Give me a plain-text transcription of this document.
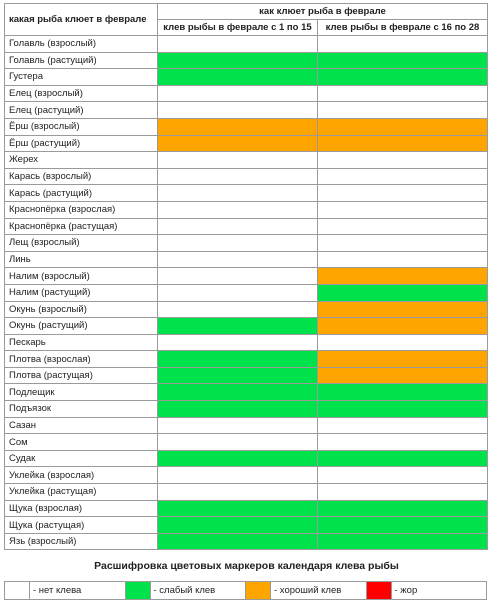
какая рыба клюет в феврале	как клюет рыба в феврале	
	клев рыбы в феврале с 1 по 15	клев рыбы в феврале с 16 по 28
Голавль (взрослый)		
Голавль (растущий)		
Густера		
Елец (взрослый)		
Елец (растущий)		
Ёрш (взрослый)		
Ёрш (растущий)		
Жерех		
Карась (взрослый)		
Карась (растущий)		
Краснопёрка (взрослая)		
Краснопёрка (растущая)		
Лещ (взрослый)		
Линь		
Налим (взрослый)		
Налим (растущий)		
Окунь (взрослый)		
Окунь (растущий)		
Пескарь		
Плотва (взрослая)		
Плотва (растущая)		
Подлещик		
Подъязок		
Сазан		
Сом		
Судак		
Уклейка (взрослая)		
Уклейка (растущая)		
Щука (взрослая)		
Щука (растущая)		
Язь (взрослый)		
Расшифровка цветовых маркеров календаря клева рыбы
	- нет клева		- слабый клев		- хороший клев		- жор
